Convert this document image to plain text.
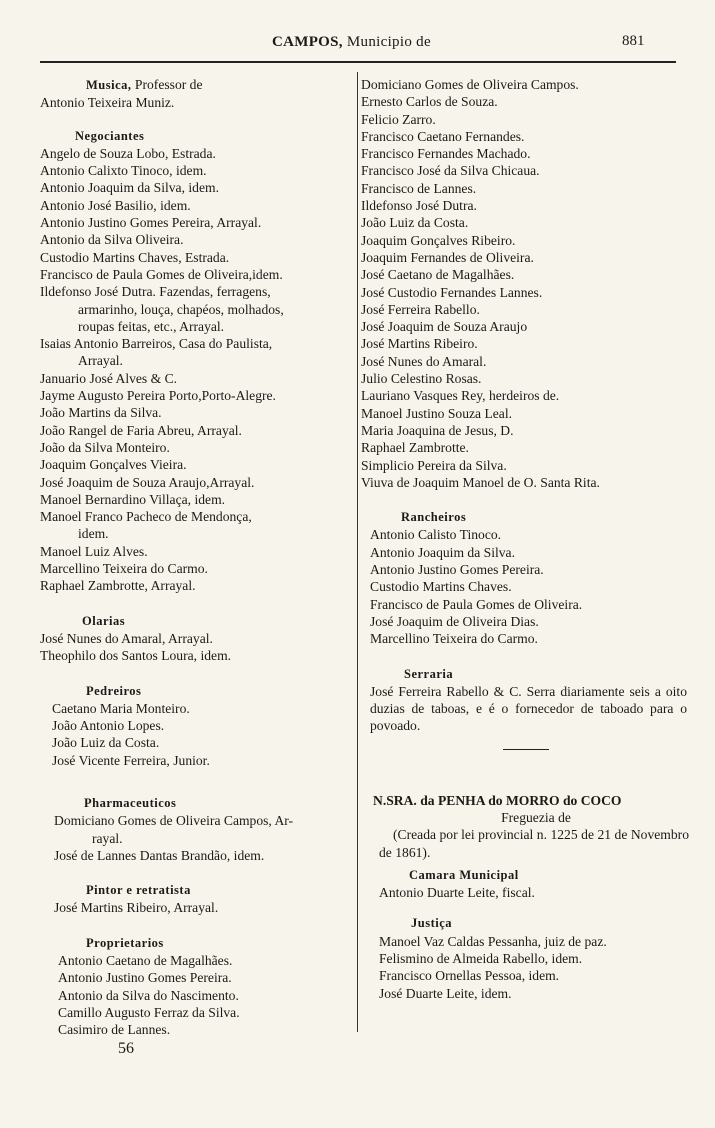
CAMPOS, Municipio de	881
Musica, Professor de
Antonio Teixeira Muniz.
Negociantes
Angelo de Souza Lobo, Estrada.
Antonio Calixto Tinoco, idem.
Antonio Joaquim da Silva, idem.
Antonio José Basilio, idem.
Antonio Justino Gomes Pereira, Arrayal.
Antonio da Silva Oliveira.
Custodio Martins Chaves, Estrada.
Francisco de Paula Gomes de Oliveira,idem.
Ildefonso José Dutra. Fazendas, ferragens,
armarinho, louça, chapéos, molhados,
roupas feitas, etc., Arrayal.
Isaias Antonio Barreiros, Casa do Paulista,
Arrayal.
Januario José Alves & C.
Jayme Augusto Pereira Porto,Porto-Alegre.
João Martins da Silva.
João Rangel de Faria Abreu, Arrayal.
João da Silva Monteiro.
Joaquim Gonçalves Vieira.
José Joaquim de Souza Araujo,Arrayal.
Manoel Bernardino Villaça, idem.
Manoel Franco Pacheco de Mendonça,
idem.
Manoel Luiz Alves.
Marcellino Teixeira do Carmo.
Raphael Zambrotte, Arrayal.
Olarias
José Nunes do Amaral, Arrayal.
Theophilo dos Santos Loura, idem.
Pedreiros
Caetano Maria Monteiro.
João Antonio Lopes.
João Luiz da Costa.
José Vicente Ferreira, Junior.
Pharmaceuticos
Domiciano Gomes de Oliveira Campos, Ar-
rayal.
José de Lannes Dantas Brandão, idem.
Pintor e retratista
José Martins Ribeiro, Arrayal.
Proprietarios
Antonio Caetano de Magalhães.
Antonio Justino Gomes Pereira.
Antonio da Silva do Nascimento.
Camillo Augusto Ferraz da Silva.
Casimiro de Lannes.
56
Domiciano Gomes de Oliveira Campos.
Ernesto Carlos de Souza.
Felicio Zarro.
Francisco Caetano Fernandes.
Francisco Fernandes Machado.
Francisco José da Silva Chicaua.
Francisco de Lannes.
Ildefonso José Dutra.
João Luiz da Costa.
Joaquim Gonçalves Ribeiro.
Joaquim Fernandes de Oliveira.
José Caetano de Magalhães.
José Custodio Fernandes Lannes.
José Ferreira Rabello.
José Joaquim de Souza Araujo
José Martins Ribeiro.
José Nunes do Amaral.
Julio Celestino Rosas.
Lauriano Vasques Rey, herdeiros de.
Manoel Justino Souza Leal.
Maria Joaquina de Jesus, D.
Raphael Zambrotte.
Simplicio Pereira da Silva.
Viuva de Joaquim Manoel de O. Santa Rita.
Rancheiros
Antonio Calisto Tinoco.
Antonio Joaquim da Silva.
Antonio Justino Gomes Pereira.
Custodio Martins Chaves.
Francisco de Paula Gomes de Oliveira.
José Joaquim de Oliveira Dias.
Marcellino Teixeira do Carmo.
Serraria
José Ferreira Rabello & C. Serra diariamente seis a oito duzias de taboas, e é o fornecedor de taboado para o povoado.
N.SRA. da PENHA do MORRO do COCO
Freguezia de
(Creada por lei provincial n. 1225 de 21 de Novembro de 1861).
Camara Municipal
Antonio Duarte Leite, fiscal.
Justiça
Manoel Vaz Caldas Pessanha, juiz de paz.
Felismino de Almeida Rabello, idem.
Francisco Ornellas Pessoa, idem.
José Duarte Leite, idem.
